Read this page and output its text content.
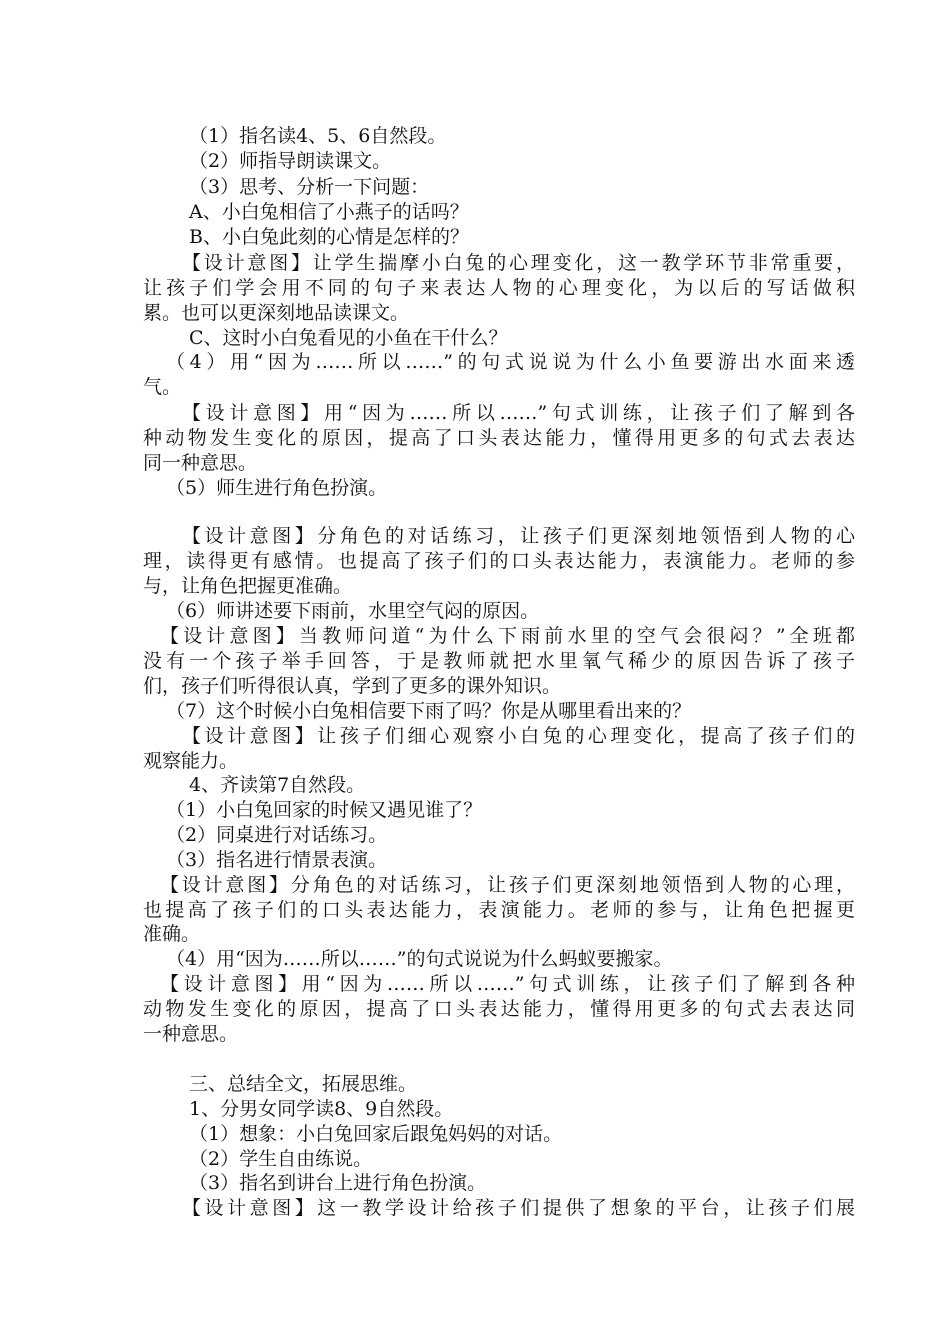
（1）指名读4、5、6自然段。
（2）师指导朗读课文。
（3）思考、分析一下问题：
A、小白兔相信了小燕子的话吗？
B、小白兔此刻的心情是怎样的？
【设计意图】让学生揣摩小白兔的心理变化，这一教学环节非常重要，
让孩子们学会用不同的句子来表达人物的心理变化，为以后的写话做积
累。也可以更深刻地品读课文。
C、这时小白兔看见的小鱼在干什么？
（4）用“因为……所以……”的句式说说为什么小鱼要游出水面来透
气。
【设计意图】用“因为……所以……”句式训练，让孩子们了解到各
种动物发生变化的原因，提高了口头表达能力，懂得用更多的句式去表达
同一种意思。
（5）师生进行角色扮演。
【设计意图】分角色的对话练习，让孩子们更深刻地领悟到人物的心
理，读得更有感情。也提高了孩子们的口头表达能力，表演能力。老师的参
与，让角色把握更准确。
（6）师讲述要下雨前，水里空气闷的原因。
【设计意图】当教师问道“为什么下雨前水里的空气会很闷？”全班都
没有一个孩子举手回答，于是教师就把水里氧气稀少的原因告诉了孩子
们，孩子们听得很认真，学到了更多的课外知识。
（7）这个时候小白兔相信要下雨了吗？你是从哪里看出来的？
【设计意图】让孩子们细心观察小白兔的心理变化，提高了孩子们的
观察能力。
4、齐读第7自然段。
（1）小白兔回家的时候又遇见谁了？
（2）同桌进行对话练习。
（3）指名进行情景表演。
【设计意图】分角色的对话练习，让孩子们更深刻地领悟到人物的心理，
也提高了孩子们的口头表达能力，表演能力。老师的参与，让角色把握更
准确。
（4）用“因为……所以……”的句式说说为什么蚂蚁要搬家。
【设计意图】用“因为……所以……”句式训练，让孩子们了解到各种
动物发生变化的原因，提高了口头表达能力，懂得用更多的句式去表达同
一种意思。
三、总结全文，拓展思维。
1、分男女同学读8、9自然段。
（1）想象：小白兔回家后跟兔妈妈的对话。
（2）学生自由练说。
（3）指名到讲台上进行角色扮演。
【设计意图】这一教学设计给孩子们提供了想象的平台，让孩子们展
